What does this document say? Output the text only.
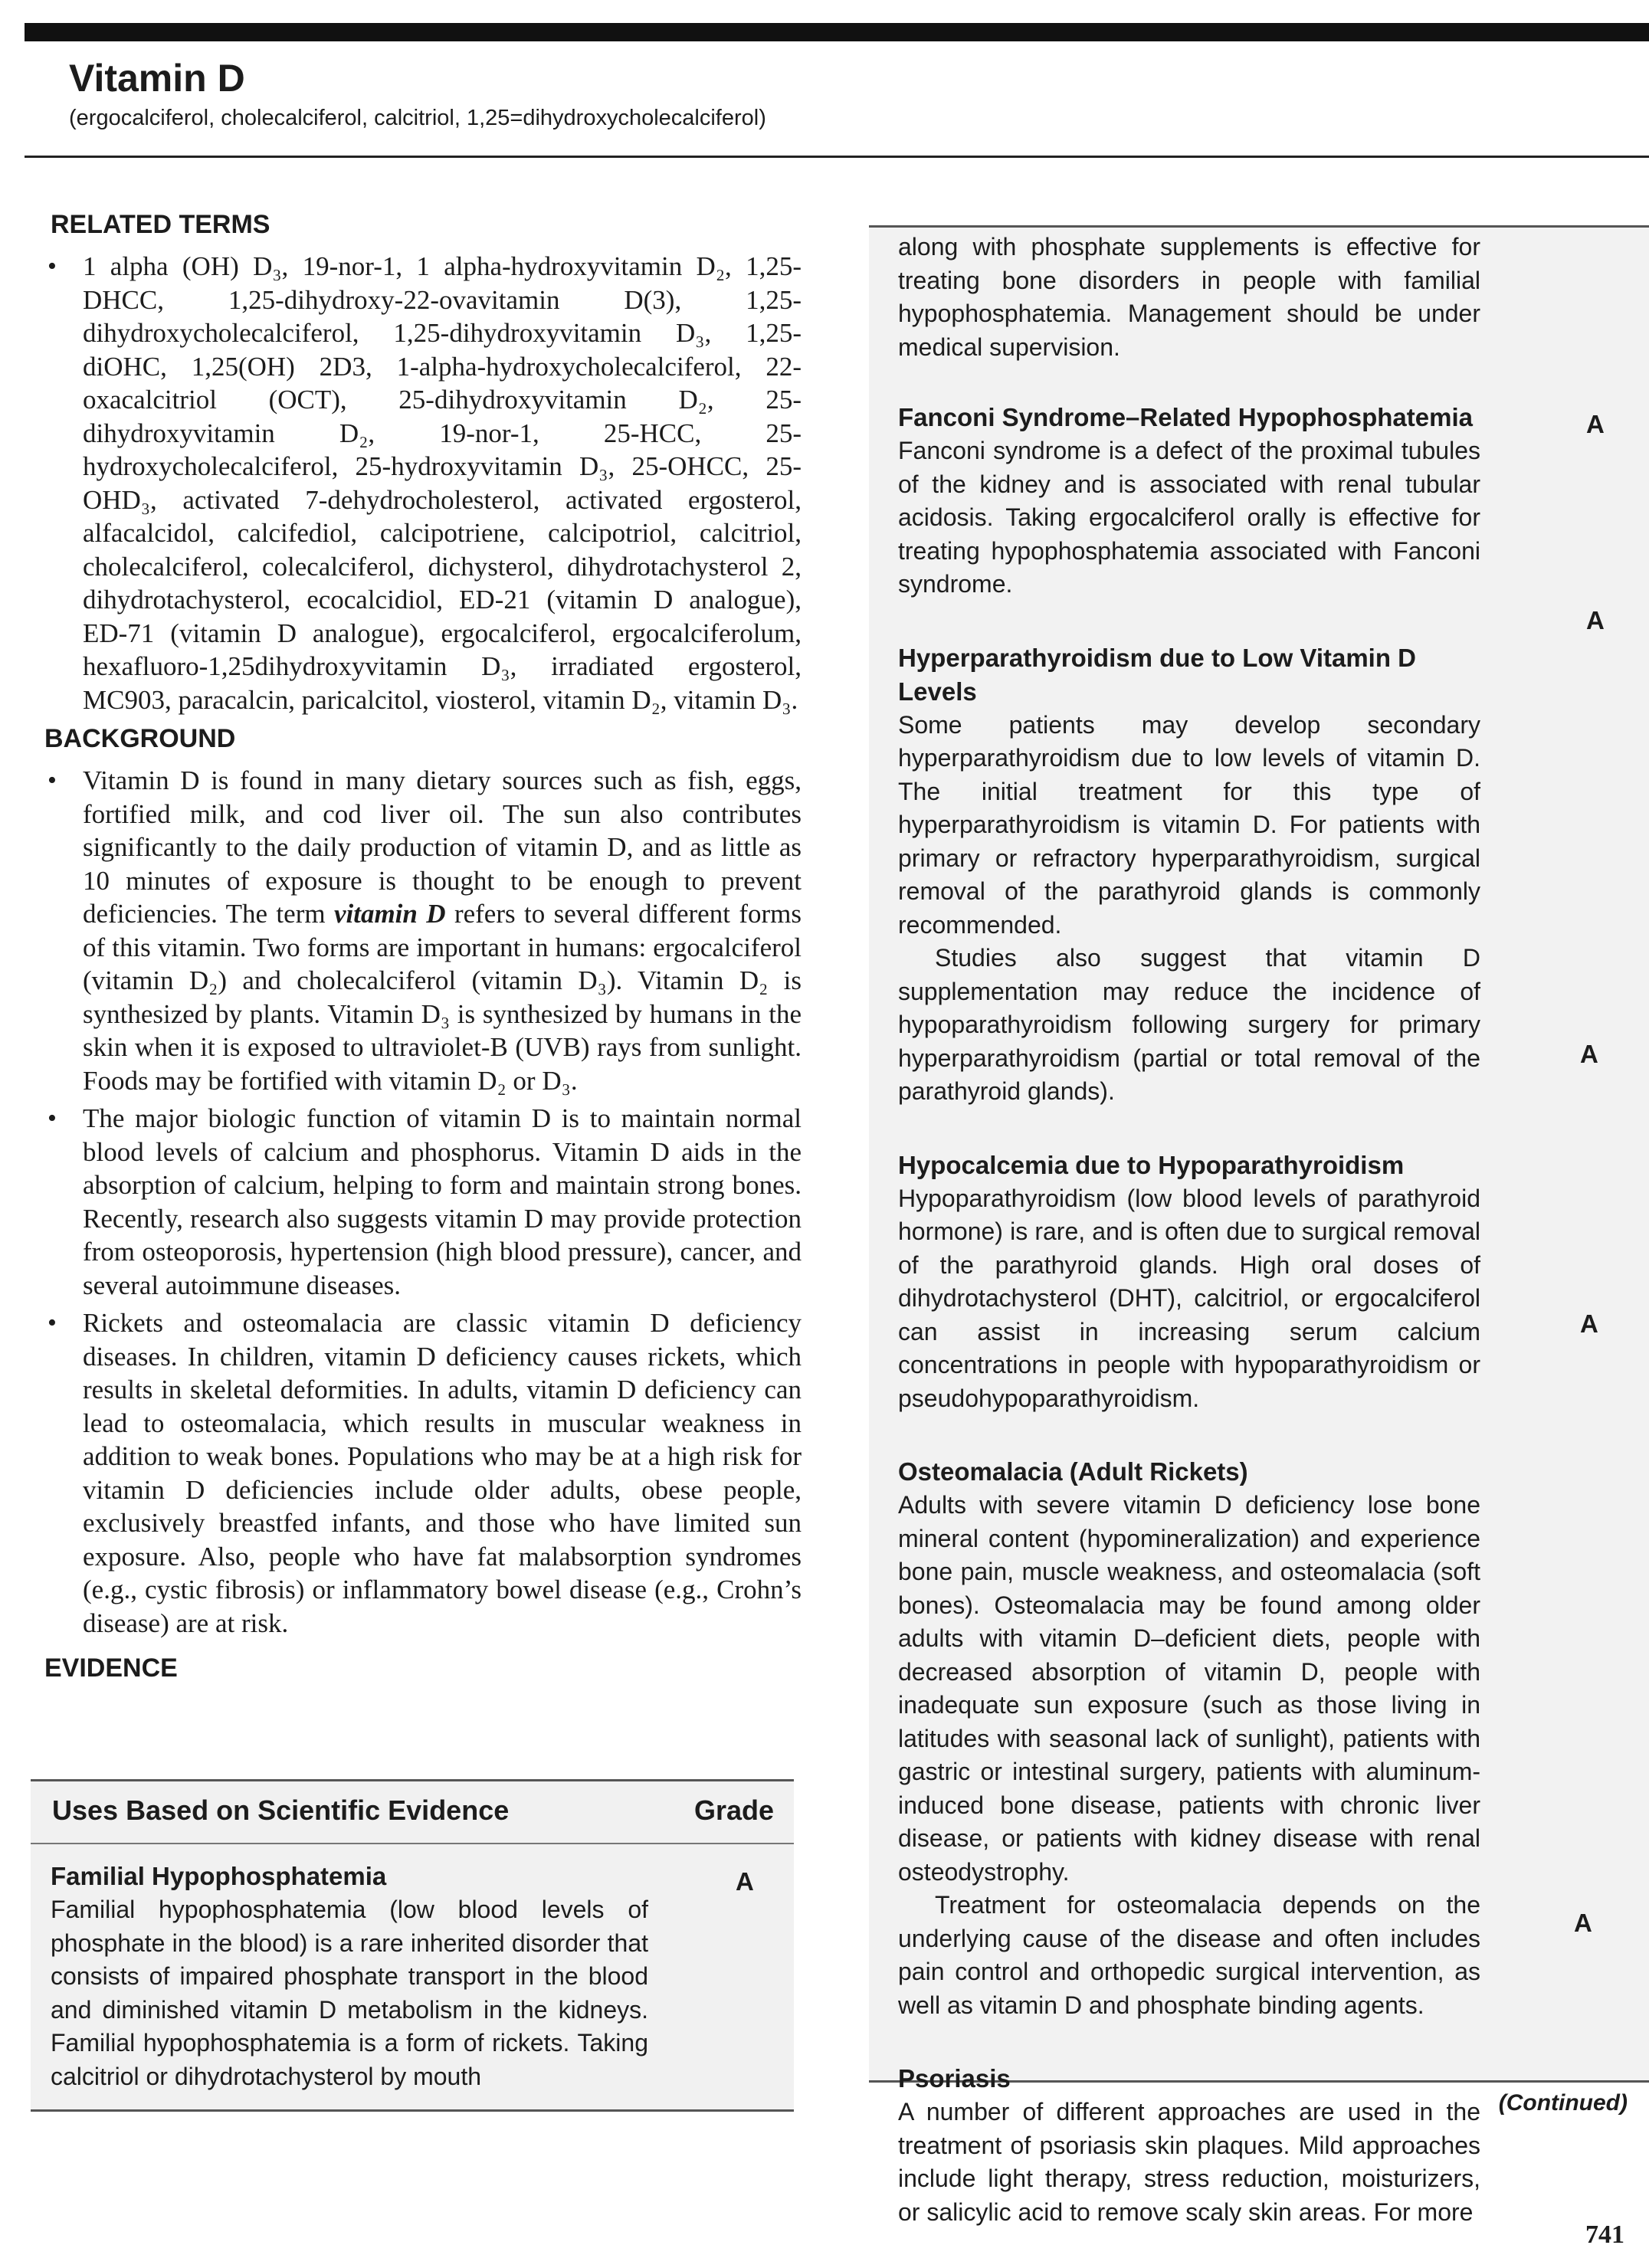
Vitamin D
(ergocalciferol, cholecalciferol, calcitriol, 1,25=dihydroxycholecalciferol)
RELATED TERMS
• 1 alpha (OH) D₃, 19-nor-1, 1 alpha-hydroxyvitamin D₂, 1,25-DHCC, 1,25-dihydroxy-22-ovavitamin D(3), 1,25-dihydroxycholecalciferol, 1,25-dihydroxyvitamin D₃, 1,25-diOHC, 1,25(OH) 2D3, 1-alpha-hydroxycholecalciferol, 22-oxacalcitriol (OCT), 25-dihydroxyvitamin D₂, 25-dihydroxyvitamin D₂, 19-nor-1, 25-HCC, 25-hydroxycholecalciferol, 25-hydroxyvitamin D₃, 25-OHCC, 25-OHD₃, activated 7-dehydrocholesterol, activated ergosterol, alfacalcidol, calcifediol, calcipotriene, calcipotriol, calcitriol, cholecalciferol, colecalciferol, dichysterol, dihydrotachysterol 2, dihydrotachysterol, ecocalcidiol, ED-21 (vitamin D analogue), ED-71 (vitamin D analogue), ergocalciferol, ergocalciferolum, hexafluoro-1,25dihydroxyvitamin D₃, irradiated ergosterol, MC903, paracalcin, paricalcitol, viosterol, vitamin D₂, vitamin D₃.
BACKGROUND
• Vitamin D is found in many dietary sources such as fish, eggs, fortified milk, and cod liver oil. The sun also contributes significantly to the daily production of vitamin D, and as little as 10 minutes of exposure is thought to be enough to prevent deficiencies. The term vitamin D refers to several different forms of this vitamin. Two forms are important in humans: ergocalciferol (vitamin D₂) and cholecalciferol (vitamin D₃). Vitamin D₂ is synthesized by plants. Vitamin D₃ is synthesized by humans in the skin when it is exposed to ultraviolet-B (UVB) rays from sunlight. Foods may be fortified with vitamin D₂ or D₃.
• The major biologic function of vitamin D is to maintain normal blood levels of calcium and phosphorus. Vitamin D aids in the absorption of calcium, helping to form and maintain strong bones. Recently, research also suggests vitamin D may provide protection from osteoporosis, hypertension (high blood pressure), cancer, and several autoimmune diseases.
• Rickets and osteomalacia are classic vitamin D deficiency diseases. In children, vitamin D deficiency causes rickets, which results in skeletal deformities. In adults, vitamin D deficiency can lead to osteomalacia, which results in muscular weakness in addition to weak bones. Populations who may be at a high risk for vitamin D deficiencies include older adults, obese people, exclusively breastfed infants, and those who have limited sun exposure. Also, people who have fat malabsorption syndromes (e.g., cystic fibrosis) or inflammatory bowel disease (e.g., Crohn’s disease) are at risk.
EVIDENCE
Uses Based on Scientific Evidence	Grade
Familial Hypophosphatemia
Familial hypophosphatemia (low blood levels of phosphate in the blood) is a rare inherited disorder that consists of impaired phosphate transport in the blood and diminished vitamin D metabolism in the kidneys. Familial hypophosphatemia is a form of rickets. Taking calcitriol or dihydrotachysterol by mouth
A
along with phosphate supplements is effective for treating bone disorders in people with familial hypophosphatemia. Management should be under medical supervision.
Fanconi Syndrome–Related Hypophosphatemia
Fanconi syndrome is a defect of the proximal tubules of the kidney and is associated with renal tubular acidosis. Taking ergocalciferol orally is effective for treating hypophosphatemia associated with Fanconi syndrome.
Hyperparathyroidism due to Low Vitamin D Levels

Some patients may develop secondary hyperparathyroidism due to low levels of vitamin D. The initial treatment for this type of hyperparathyroidism is vitamin D. For patients with primary or refractory hyperparathyroidism, surgical removal of the parathyroid glands is commonly recommended.

Studies also suggest that vitamin D supplementation may reduce the incidence of hypoparathyroidism following surgery for primary hyperparathyroidism (partial or total removal of the parathyroid glands).

Hypocalcemia due to Hypoparathyroidism
Hypoparathyroidism (low blood levels of parathyroid hormone) is rare, and is often due to surgical removal of the parathyroid glands. High oral doses of dihydrotachysterol (DHT), calcitriol, or ergocalciferol can assist in increasing serum calcium concentrations in people with hypoparathyroidism or pseudohypoparathyroidism.
Osteomalacia (Adult Rickets)

Adults with severe vitamin D deficiency lose bone mineral content (hypomineralization) and experience bone pain, muscle weakness, and osteomalacia (soft bones). Osteomalacia may be found among older adults with vitamin D–deficient diets, people with decreased absorption of vitamin D, people with inadequate sun exposure (such as those living in latitudes with seasonal lack of sunlight), patients with gastric or intestinal surgery, patients with aluminum-induced bone disease, patients with chronic liver disease, or patients with kidney disease with renal osteodystrophy.

Treatment for osteomalacia depends on the underlying cause of the disease and often includes pain control and orthopedic surgical intervention, as well as vitamin D and phosphate binding agents.

Psoriasis
A number of different approaches are used in the treatment of psoriasis skin plaques. Mild approaches include light therapy, stress reduction, moisturizers, or salicylic acid to remove scaly skin areas. For more
A
A
A
A
A
(Continued)
741
